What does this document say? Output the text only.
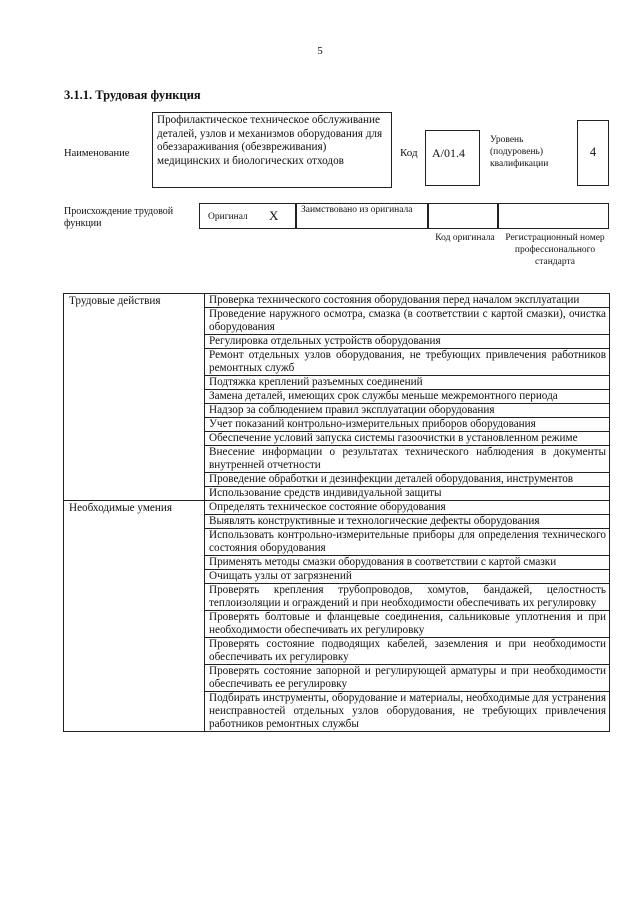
5
3.1.1. Трудовая функция
Наименование
Профилактическое техническое обслуживание деталей, узлов и механизмов оборудования для обеззараживания (обезвреживания) медицинских и биологических отходов
Код	A/01.4
Уровень
(подуровень)
квалификации
4
Происхождение трудовой функции
Оригинал X Заимствовано из оригинала
Код оригинала	Регистрационный номер профессионального стандарта
Трудовые действия	Проверка технического состояния оборудования перед началом эксплуатации
	Проведение наружного осмотра, смазка (в соответствии с картой смазки), очистка оборудования
	Регулировка отдельных устройств оборудования
	Ремонт отдельных узлов оборудования, не требующих привлечения работников ремонтных служб
	Подтяжка креплений разъемных соединений
	Замена деталей, имеющих срок службы меньше межремонтного периода
	Надзор за соблюдением правил эксплуатации оборудования
	Учет показаний контрольно-измерительных приборов оборудования
	Обеспечение условий запуска системы газоочистки в установленном режиме
	Внесение информации о результатах технического наблюдения в документы внутренней отчетности
	Проведение обработки и дезинфекции деталей оборудования, инструментов
	Использование средств индивидуальной защиты
Необходимые умения	Определять техническое состояние оборудования
	Выявлять конструктивные и технологические дефекты оборудования
	Использовать контрольно-измерительные приборы для определения технического состояния оборудования
	Применять методы смазки оборудования в соответствии с картой смазки
	Очищать узлы от загрязнений
	Проверять крепления трубопроводов, хомутов, бандажей, целостность теплоизоляции и ограждений и при необходимости обеспечивать их регулировку
	Проверять болтовые и фланцевые соединения, сальниковые уплотнения и при необходимости обеспечивать их регулировку
	Проверять состояние подводящих кабелей, заземления и при необходимости обеспечивать их регулировку
	Проверять состояние запорной и регулирующей арматуры и при необходимости обеспечивать ее регулировку
	Подбирать инструменты, оборудование и материалы, необходимые для устранения неисправностей отдельных узлов оборудования, не требующих привлечения работников ремонтных службы
